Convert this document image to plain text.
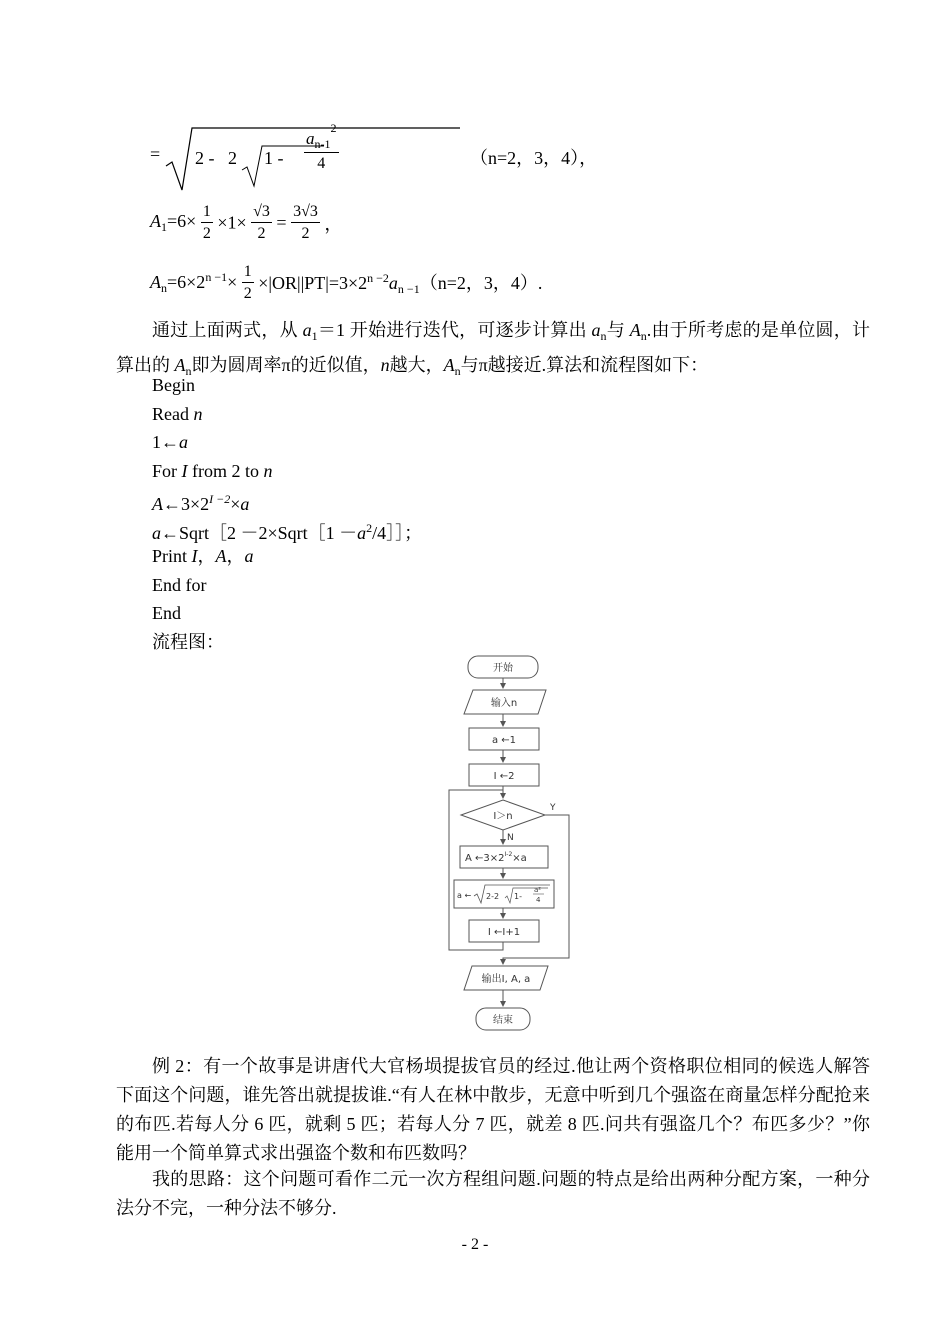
= 2 - 2 $1 - \frac{a_{n-1}^2}{4}$	（n=2，3，4），
$A_1=6\times \frac{1}{2} \times 1\times \frac{√3}{2} = \frac{3√3}{2}$ ，
$A_n=6\times 2^{n -1}\times \frac{1}{2} \times|OR||PT|=3\times 2^{n -2}a_{n -1}(n=2$，3，4）.
通过上面两式，从 $a_1=1$ 开始进行迭代，可逐步计算出 $a_n$与 $A_n$.由于所考虑的是单位圆，计算出的 $A_n$即为圆周率π的近似值，n越大，$A_n$与π越接近.算法和流程图如下：
Begin
Read n
1←a
For I from 2 to n
$A\leftarrow 3\times 2^{I -2}\times a$
a←Sqrt［2 －2×Sqrt［1 $-a^2/4]]$；
Print I，A，a
End for
End
流程图：
开始
输入n
a ←1
I ←2
I＞n
Y
N
A $\leftarrow 3\times 2^{I-2}\times a$
a ← 2-2 1-
a²
4
I ←I+1
输出I, A, a
结束
例 2：有一个故事是讲唐代大官杨埙提拔官员的经过.他让两个资格职位相同的候选人解答下面这个问题，谁先答出就提拔谁.“有人在林中散步，无意中听到几个强盗在商量怎样分配抢来的布匹.若每人分 6 匹，就剩 5 匹；若每人分 7 匹，就差 8 匹.问共有强盗几个？布匹多少？”你能用一个简单算式求出强盗个数和布匹数吗？
我的思路：这个问题可看作二元一次方程组问题.问题的特点是给出两种分配方案，一种分法分不完，一种分法不够分.
- 2 -
